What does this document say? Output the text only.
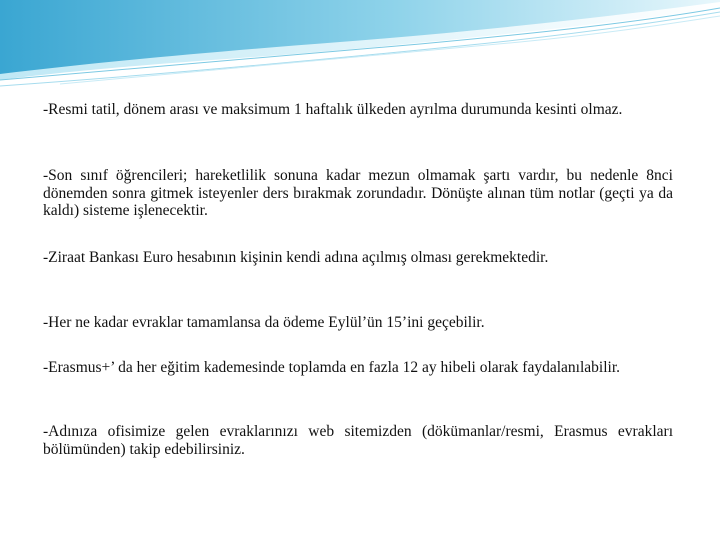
-Resmi tatil, dönem arası ve maksimum 1 haftalık ülkeden ayrılma durumunda kesinti olmaz.

-Son sınıf öğrencileri; hareketlilik sonuna kadar mezun olmamak şartı vardır, bu nedenle 8nci dönemden sonra gitmek isteyenler ders bırakmak zorundadır. Dönüşte alınan tüm notlar (geçti ya da kaldı) sisteme işlenecektir.

-Ziraat Bankası Euro hesabının kişinin kendi adına açılmış olması gerekmektedir.

-Her ne kadar evraklar tamamlansa da ödeme Eylül’ün 15’ini geçebilir.

-Erasmus+’ da her eğitim kademesinde toplamda en fazla 12 ay hibeli olarak faydalanılabilir.

-Adınıza ofisimize gelen evraklarınızı web sitemizden (dökümanlar/resmi, Erasmus evrakları bölümünden) takip edebilirsiniz.
